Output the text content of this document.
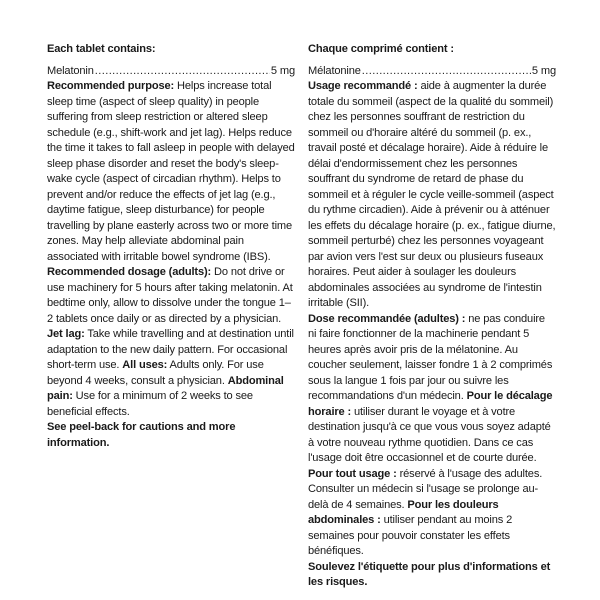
Each tablet contains:

Melatonin .....	5 mg

Recommended purpose: Helps increase total sleep time (aspect of sleep quality) in people suffering from sleep restriction or altered sleep schedule (e.g., shift-work and jet lag). Helps reduce the time it takes to fall asleep in people with delayed sleep phase disorder and reset the body's sleep-wake cycle (aspect of circadian rhythm). Helps to prevent and/or reduce the effects of jet lag (e.g., daytime fatigue, sleep disturbance) for people travelling by plane easterly across two or more time zones. May help alleviate abdominal pain associated with irritable bowel syndrome (IBS).

Recommended dosage (adults): Do not drive or use machinery for 5 hours after taking melatonin. At bedtime only, allow to dissolve under the tongue 1–2 tablets once daily or as directed by a physician. Jet lag: Take while travelling and at destination until adaptation to the new daily pattern. For occasional short-term use. All uses: Adults only. For use beyond 4 weeks, consult a physician. Abdominal pain: Use for a minimum of 2 weeks to see beneficial effects.

See peel-back for cautions and more information.

Chaque comprimé contient :

Mélatonine .....	5 mg

Usage recommandé : aide à augmenter la durée totale du sommeil (aspect de la qualité du sommeil) chez les personnes souffrant de restriction du sommeil ou d'horaire altéré du sommeil (p. ex., travail posté et décalage horaire). Aide à réduire le délai d'endormissement chez les personnes souffrant du syndrome de retard de phase du sommeil et à réguler le cycle veille-sommeil (aspect du rythme circadien). Aide à prévenir ou à atténuer les effets du décalage horaire (p. ex., fatigue diurne, sommeil perturbé) chez les personnes voyageant par avion vers l'est sur deux ou plusieurs fuseaux horaires. Peut aider à soulager les douleurs abdominales associées au syndrome de l'intestin irritable (SII).

Dose recommandée (adultes) : ne pas conduire ni faire fonctionner de la machinerie pendant 5 heures après avoir pris de la mélatonine. Au coucher seulement, laisser fondre 1 à 2 comprimés sous la langue 1 fois par jour ou suivre les recommandations d'un médecin. Pour le décalage horaire : utiliser durant le voyage et à votre destination jusqu'à ce que vous vous soyez adapté à votre nouveau rythme quotidien. Dans ce cas l'usage doit être occasionnel et de courte durée. Pour tout usage : réservé à l'usage des adultes. Consulter un médecin si l'usage se prolonge au-delà de 4 semaines. Pour les douleurs abdominales : utiliser pendant au moins 2 semaines pour pouvoir constater les effets bénéfiques.

Soulevez l'étiquette pour plus d'informations et les risques.
